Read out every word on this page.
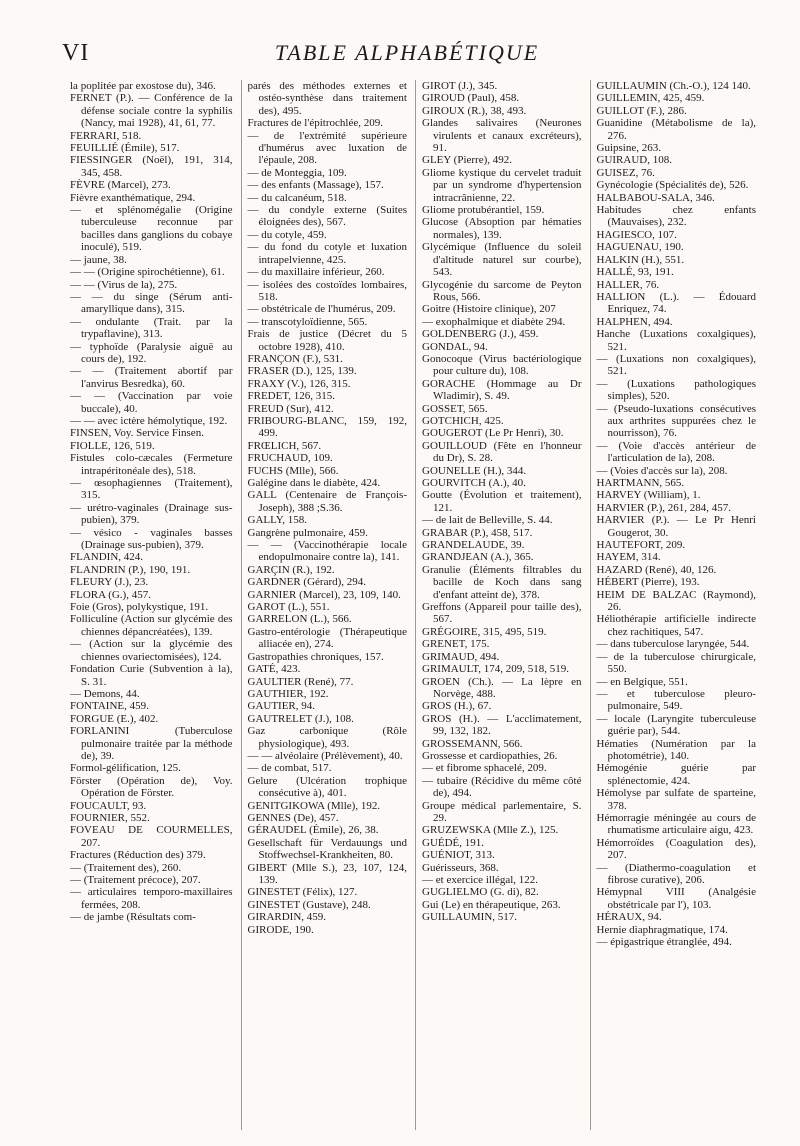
VI	TABLE ALPHABÉTIQUE

la poplitée par exostose du), 346.

FERNET (P.). — Conférence de la défense sociale contre la syphilis (Nancy, mai 1928), 41, 61, 77.

FERRARI, 518.

FEUILLIÉ (Émile), 517.

FIESSINGER (Noël), 191, 314, 345, 458.

FÈVRE (Marcel), 273.

Fièvre exanthématique, 294.

— et splénomégalie (Origine tuberculeuse reconnue par bacilles dans ganglions du cobaye inoculé), 519.

— jaune, 38.

— — (Origine spirochétienne), 61.

— — (Virus de la), 275.

— — du singe (Sérum anti-amaryllique dans), 315.

— ondulante (Trait. par la trypaflavine), 313.

— typhoïde (Paralysie aiguë au cours de), 192.

— — (Traitement abortif par l'anvirus Besredka), 60.

— — (Vaccination par voie buccale), 40.

— — avec ictère hémolytique, 192.

FINSEN, Voy. Service Finsen.

FIOLLE, 126, 519.

Fistules colo-cæcales (Fermeture intrapéritonéale des), 518.

— œsophagiennes (Traitement), 315.

— urétro-vaginales (Drainage sus-pubien), 379.

— vésico - vaginales basses (Drainage sus-pubien), 379.

FLANDIN, 424.

FLANDRIN (P.), 190, 191.

FLEURY (J.), 23.

FLORA (G.), 457.

Foie (Gros), polykystique, 191.

Folliculine (Action sur glycémie des chiennes dépancréatées), 139.

— (Action sur la glycémie des chiennes ovariectomisées), 124.

Fondation Curie (Subvention à la), S. 31.

— Demons, 44.

FONTAINE, 459.

FORGUE (E.), 402.

FORLANINI (Tuberculose pulmonaire traitée par la méthode de), 39.

Formol-gélification, 125.

Förster (Opération de), Voy. Opération de Förster.

FOUCAULT, 93.

FOURNIER, 552.

FOVEAU DE COURMELLES, 207.

Fractures (Réduction des) 379.

— (Traitement des), 260.

— (Traitement précoce), 207.

— articulaires temporo-maxillaires fermées, 208.

— de jambe (Résultats com-

parés des méthodes externes et ostéo-synthèse dans traitement des), 495.

Fractures de l'épitrochlée, 209.

— de l'extrémité supérieure d'humérus avec luxation de l'épaule, 208.

— de Monteggia, 109.

— des enfants (Massage), 157.

— du calcanéum, 518.

— du condyle externe (Suites éloignées des), 567.

— du cotyle, 459.

— du fond du cotyle et luxation intrapelvienne, 425.

— du maxillaire inférieur, 260.

— isolées des costoïdes lombaires, 518.

— obstétricale de l'humérus, 209.

— transcotyloïdienne, 565.

Frais de justice (Décret du 5 octobre 1928), 410.

FRANÇON (F.), 531.

FRASER (D.), 125, 139.

FRAXY (V.), 126, 315.

FREDET, 126, 315.

FREUD (Sur), 412.

FRIBOURG-BLANC, 159, 192, 499.

FRŒLICH, 567.

FRUCHAUD, 109.

FUCHS (Mlle), 566.

Galégine dans le diabète, 424.

GALL (Centenaire de François-Joseph), 388 ;S.36.

GALLY, 158.

Gangrène pulmonaire, 459.

— — (Vaccinothérapie locale endopulmonaire contre la), 141.

GARÇIN (R.), 192.

GARDNER (Gérard), 294.

GARNIER (Marcel), 23, 109, 140.

GAROT (L.), 551.

GARRELON (L.), 566.

Gastro-entérologie (Thérapeutique alliacée en), 274.

Gastropathies chroniques, 157.

GATÉ, 423.

GAULTIER (René), 77.

GAUTHIER, 192.

GAUTIER, 94.

GAUTRELET (J.), 108.

Gaz carbonique (Rôle physiologique), 493.

— — alvéolaire (Prélèvement), 40.

— de combat, 517.

Gelure (Ulcération trophique consécutive à), 401.

GENITGIKOWA (Mlle), 192.

GENNES (De), 457.

GÉRAUDEL (Émile), 26, 38.

Gesellschaft für Verdauungs und Stoffwechsel-Krankheiten, 80.

GIBERT (Mlle S.), 23, 107, 124, 139.

GINESTET (Félix), 127.

GINESTET (Gustave), 248.

GIRARDIN, 459.

GIRODE, 190.

GIROT (J.), 345.

GIROUD (Paul), 458.

GIROUX (R.), 38, 493.

Glandes salivaires (Neurones virulents et canaux excréteurs), 91.

GLEY (Pierre), 492.

Gliome kystique du cervelet traduit par un syndrome d'hypertension intracrânienne, 22.

Gliome protubérantiel, 159.

Glucose (Absoption par hématies normales), 139.

Glycémique (Influence du soleil d'altitude naturel sur courbe), 543.

Glycogénie du sarcome de Peyton Rous, 566.

Goitre (Histoire clinique), 207

— exophalmique et diabète 294.

GOLDENBERG (J.), 459.

GONDAL, 94.

Gonocoque (Virus bactériologique pour culture du), 108.

GORACHE (Hommage au Dr Wladimir), S. 49.

GOSSET, 565.

GOTCHICH, 425.

GOUGEROT (Le Pr Henri), 30.

GOUILLOUD (Fête en l'honneur du Dr), S. 28.

GOUNELLE (H.), 344.

GOURVITCH (A.), 40.

Goutte (Évolution et traitement), 121.

— de lait de Belleville, S. 44.

GRABAR (P.), 458, 517.

GRANDELAUDE, 39.

GRANDJEAN (A.), 365.

Granulie (Éléments filtrables du bacille de Koch dans sang d'enfant atteint de), 378.

Greffons (Appareil pour taille des), 567.

GRÉGOIRE, 315, 495, 519.

GRENET, 175.

GRIMAUD, 494.

GRIMAULT, 174, 209, 518, 519.

GROEN (Ch.). — La lèpre en Norvège, 488.

GROS (H.), 67.

GROS (H.). — L'acclimatement, 99, 132, 182.

GROSSEMANN, 566.

Grossesse et cardiopathies, 26.

— et fibrome sphacelé, 209.

— tubaire (Récidive du même côté de), 494.

Groupe médical parlementaire, S. 29.

GRUZEWSKA (Mlle Z.), 125.

GUÉDÉ, 191.

GUÉNIOT, 313.

Guérisseurs, 368.

— et exercice illégal, 122.

GUGLIELMO (G. di), 82.

Gui (Le) en thérapeutique, 263.

GUILLAUMIN, 517.

GUILLAUMIN (Ch.-O.), 124 140.

GUILLEMIN, 425, 459.

GUILLOT (F.), 286.

Guanidine (Métabolisme de la), 276.

Guipsine, 263.

GUIRAUD, 108.

GUISEZ, 76.

Gynécologie (Spécialités de), 526.

HALBABOU-SALA, 346.

Habitudes chez enfants (Mauvaises), 232.

HAGIESCO, 107.

HAGUENAU, 190.

HALKIN (H.), 551.

HALLÉ, 93, 191.

HALLER, 76.

HALLION (L.). — Édouard Enriquez, 74.

HALPHEN, 494.

Hanche (Luxations coxalgiques), 521.

— (Luxations non coxalgiques), 521.

— (Luxations pathologiques simples), 520.

— (Pseudo-luxations consécutives aux arthrites suppurées chez le nourrisson), 76.

— (Voie d'accès antérieur de l'articulation de la), 208.

— (Voies d'accès sur la), 208.

HARTMANN, 565.

HARVEY (William), 1.

HARVIER (P.), 261, 284, 457.

HARVIER (P.). — Le Pr Henri Gougerot, 30.

HAUTEFORT, 209.

HAYEM, 314.

HAZARD (René), 40, 126.

HÉBERT (Pierre), 193.

HEIM DE BALZAC (Raymond), 26.

Héliothérapie artificielle indirecte chez rachitiques, 547.

— dans tuberculose laryngée, 544.

— de la tuberculose chirurgicale, 550.

— en Belgique, 551.

— et tuberculose pleuro-pulmonaire, 549.

— locale (Laryngite tuberculeuse guérie par), 544.

Hématies (Numération par la photométrie), 140.

Hémogénie guérie par splénectomie, 424.

Hémolyse par sulfate de sparteine, 378.

Hémorragie méningée au cours de rhumatisme articulaire aigu, 423.

Hémorroïdes (Coagulation des), 207.

— (Diathermo-coagulation et fibrose curative), 206.

Hémypnal VIII (Analgésie obstétricale par l'), 103.

HÉRAUX, 94.

Hernie diaphragmatique, 174.

— épigastrique étranglée, 494.
